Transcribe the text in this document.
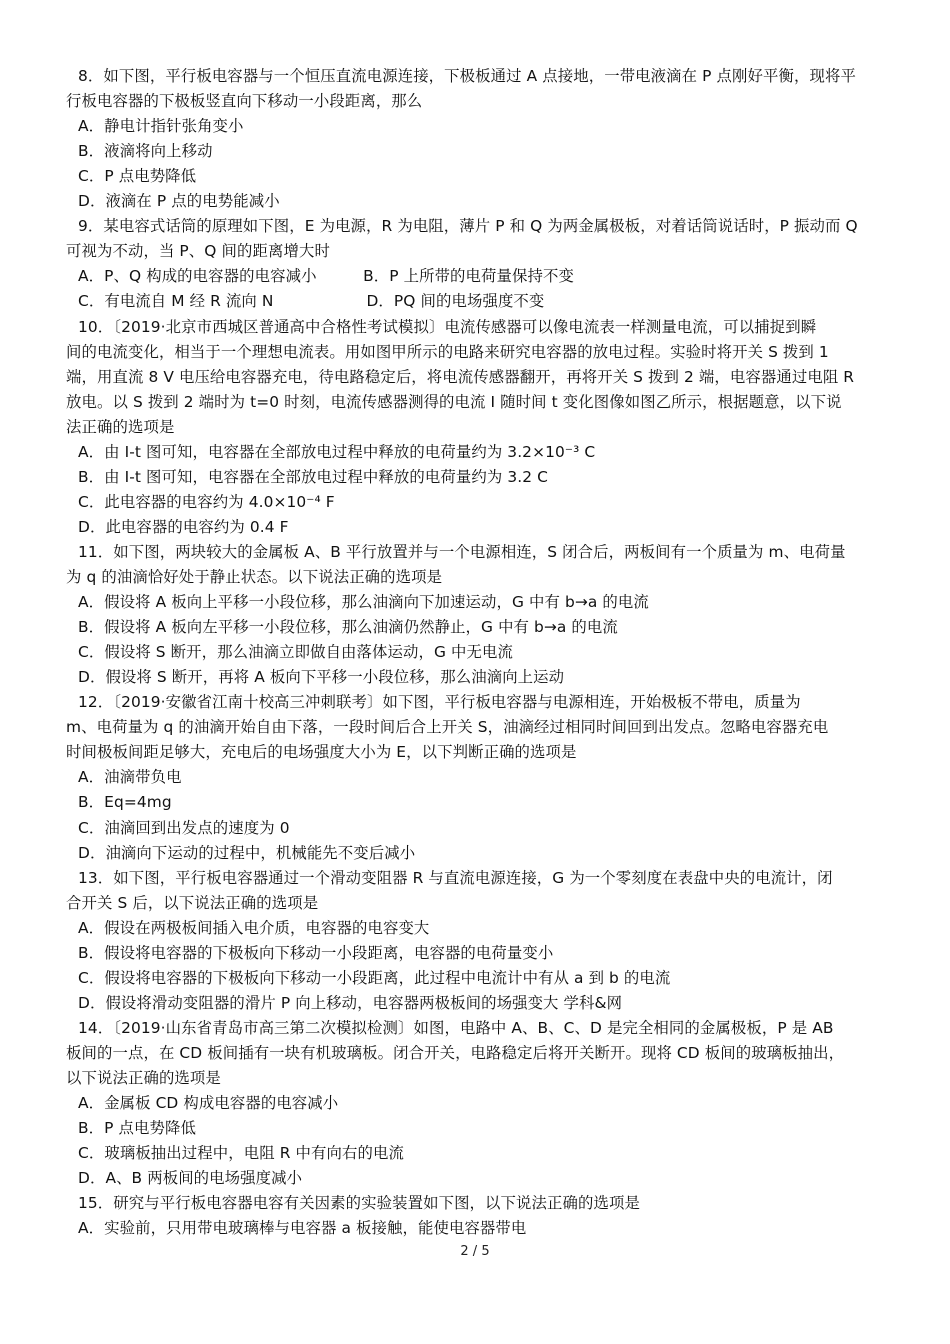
8．如下图，平行板电容器与一个恒压直流电源连接，下极板通过 A 点接地，一带电液滴在 P 点刚好平衡，现将平
行板电容器的下极板竖直向下移动一小段距离，那么
A．静电计指针张角变小
B．液滴将向上移动
C．P 点电势降低
D．液滴在 P 点的电势能减小
9．某电容式话筒的原理如下图，E 为电源，R 为电阻，薄片 P 和 Q 为两金属极板，对着话筒说话时，P 振动而 Q
可视为不动，当 P、Q 间的距离增大时
A．P、Q 构成的电容器的电容减小　　　B．P 上所带的电荷量保持不变
C．有电流自 M 经 R 流向 N　　　　　　D．PQ 间的电场强度不变
10．〔2019·北京市西城区普通高中合格性考试模拟〕电流传感器可以像电流表一样测量电流，可以捕捉到瞬
间的电流变化，相当于一个理想电流表。用如图甲所示的电路来研究电容器的放电过程。实验时将开关 S 拨到 1
端，用直流 8 V 电压给电容器充电，待电路稳定后，将电流传感器翻开，再将开关 S 拨到 2 端，电容器通过电阻 R
放电。以 S 拨到 2 端时为 t=0 时刻，电流传感器测得的电流 I 随时间 t 变化图像如图乙所示，根据题意，以下说
法正确的选项是
A．由 I-t 图可知，电容器在全部放电过程中释放的电荷量约为 3.2×10⁻³ C
B．由 I-t 图可知，电容器在全部放电过程中释放的电荷量约为 3.2 C
C．此电容器的电容约为 4.0×10⁻⁴ F
D．此电容器的电容约为 0.4 F
11．如下图，两块较大的金属板 A、B 平行放置并与一个电源相连，S 闭合后，两板间有一个质量为 m、电荷量
为 q 的油滴恰好处于静止状态。以下说法正确的选项是
A．假设将 A 板向上平移一小段位移，那么油滴向下加速运动，G 中有 b→a 的电流
B．假设将 A 板向左平移一小段位移，那么油滴仍然静止，G 中有 b→a 的电流
C．假设将 S 断开，那么油滴立即做自由落体运动，G 中无电流
D．假设将 S 断开，再将 A 板向下平移一小段位移，那么油滴向上运动
12．〔2019·安徽省江南十校高三冲刺联考〕如下图，平行板电容器与电源相连，开始极板不带电，质量为
m、电荷量为 q 的油滴开始自由下落，一段时间后合上开关 S，油滴经过相同时间回到出发点。忽略电容器充电
时间极板间距足够大，充电后的电场强度大小为 E，以下判断正确的选项是
A．油滴带负电
B．Eq=4mg
C．油滴回到出发点的速度为 0
D．油滴向下运动的过程中，机械能先不变后减小
13．如下图，平行板电容器通过一个滑动变阻器 R 与直流电源连接，G 为一个零刻度在表盘中央的电流计，闭
合开关 S 后，以下说法正确的选项是
A．假设在两极板间插入电介质，电容器的电容变大
B．假设将电容器的下极板向下移动一小段距离，电容器的电荷量变小
C．假设将电容器的下极板向下移动一小段距离，此过程中电流计中有从 a 到 b 的电流
D．假设将滑动变阻器的滑片 P 向上移动，电容器两极板间的场强变大 学科&网
14．〔2019·山东省青岛市高三第二次模拟检测〕如图，电路中 A、B、C、D 是完全相同的金属极板，P 是 AB
板间的一点，在 CD 板间插有一块有机玻璃板。闭合开关，电路稳定后将开关断开。现将 CD 板间的玻璃板抽出，
以下说法正确的选项是
A．金属板 CD 构成电容器的电容减小
B．P 点电势降低
C．玻璃板抽出过程中，电阻 R 中有向右的电流
D．A、B 两板间的电场强度减小
15．研究与平行板电容器电容有关因素的实验装置如下图，以下说法正确的选项是
A．实验前，只用带电玻璃棒与电容器 a 板接触，能使电容器带电
2 / 5
